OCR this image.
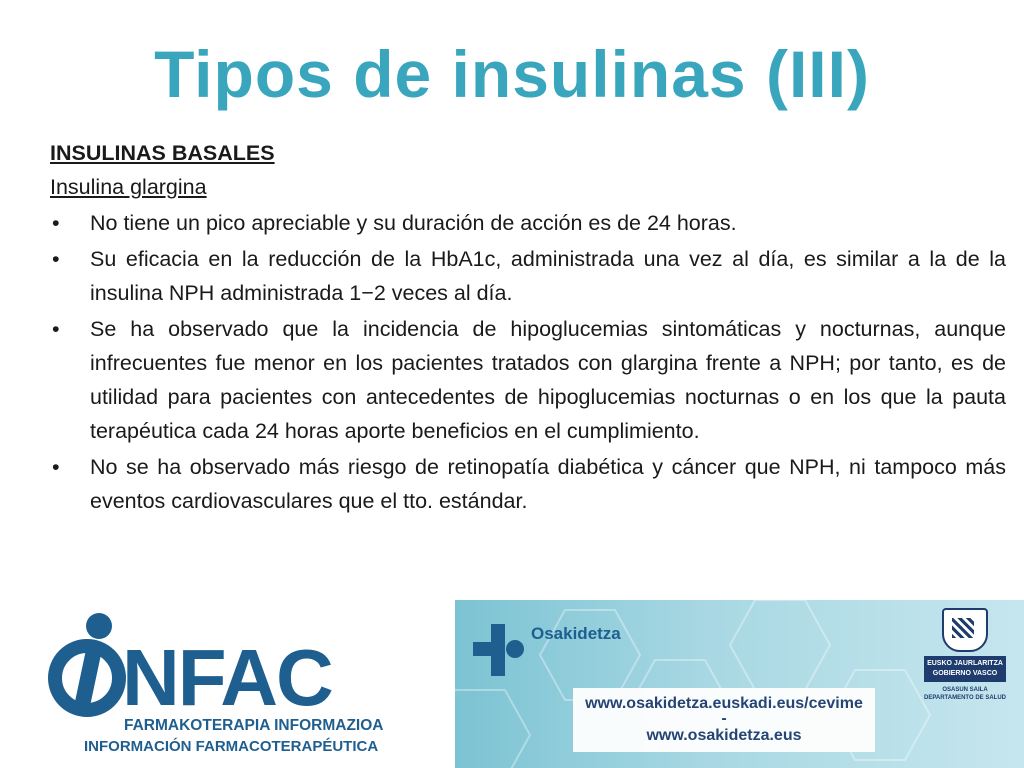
Tipos de insulinas (III)
INSULINAS BASALES
Insulina glargina
• No tiene un pico apreciable y su duración de acción es de 24 horas.
• Su eficacia en la reducción de la HbA1c, administrada una vez al día, es similar a la de la insulina NPH administrada 1−2 veces al día.
• Se ha observado que la incidencia de hipoglucemias sintomáticas y nocturnas, aunque infrecuentes fue menor en los pacientes tratados con glargina frente a NPH; por tanto, es de utilidad para pacientes con antecedentes de hipoglucemias nocturnas o en los que la pauta terapéutica cada 24 horas aporte beneficios en el cumplimiento.
• No se ha observado más riesgo de retinopatía diabética y cáncer que NPH, ni tampoco más eventos cardiovasculares que el tto. estándar.
NFAC
FARMAKOTERAPIA INFORMAZIOA
INFORMACIÓN FARMACOTERAPÉUTICA
Osakidetza
EUSKO JAURLARITZA GOBIERNO VASCO
OSASUN SAILA DEPARTAMENTO DE SALUD
www.osakidetza.euskadi.eus/cevime
-
www.osakidetza.eus
